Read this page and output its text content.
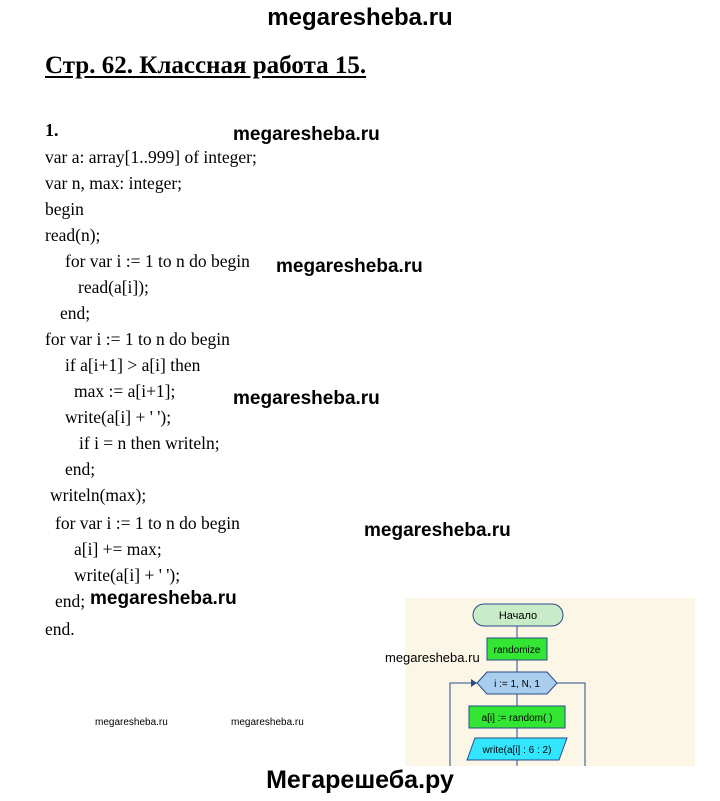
megaresheba.ru
Стр. 62. Классная работа 15.
1.
var a: array[1..999] of integer;
var n, max: integer;
begin
read(n);
for var i := 1 to n do begin
read(a[i]);
end;
for var i := 1 to n do begin
if a[i+1] > a[i] then
max := a[i+1];
write(a[i] + ' ');
if i = n then writeln;
end;
writeln(max);
for var i := 1 to n do begin
a[i] += max;
write(a[i] + ' ');
end;
end.
megaresheba.ru
megaresheba.ru
megaresheba.ru
megaresheba.ru
megaresheba.ru
megaresheba.ru	megaresheba.ru
Начало
randomize
i := 1, N, 1
a[i] := random( )
write(a[i] : 6 : 2)
megaresheba.ru
Мегарешеба.ру
